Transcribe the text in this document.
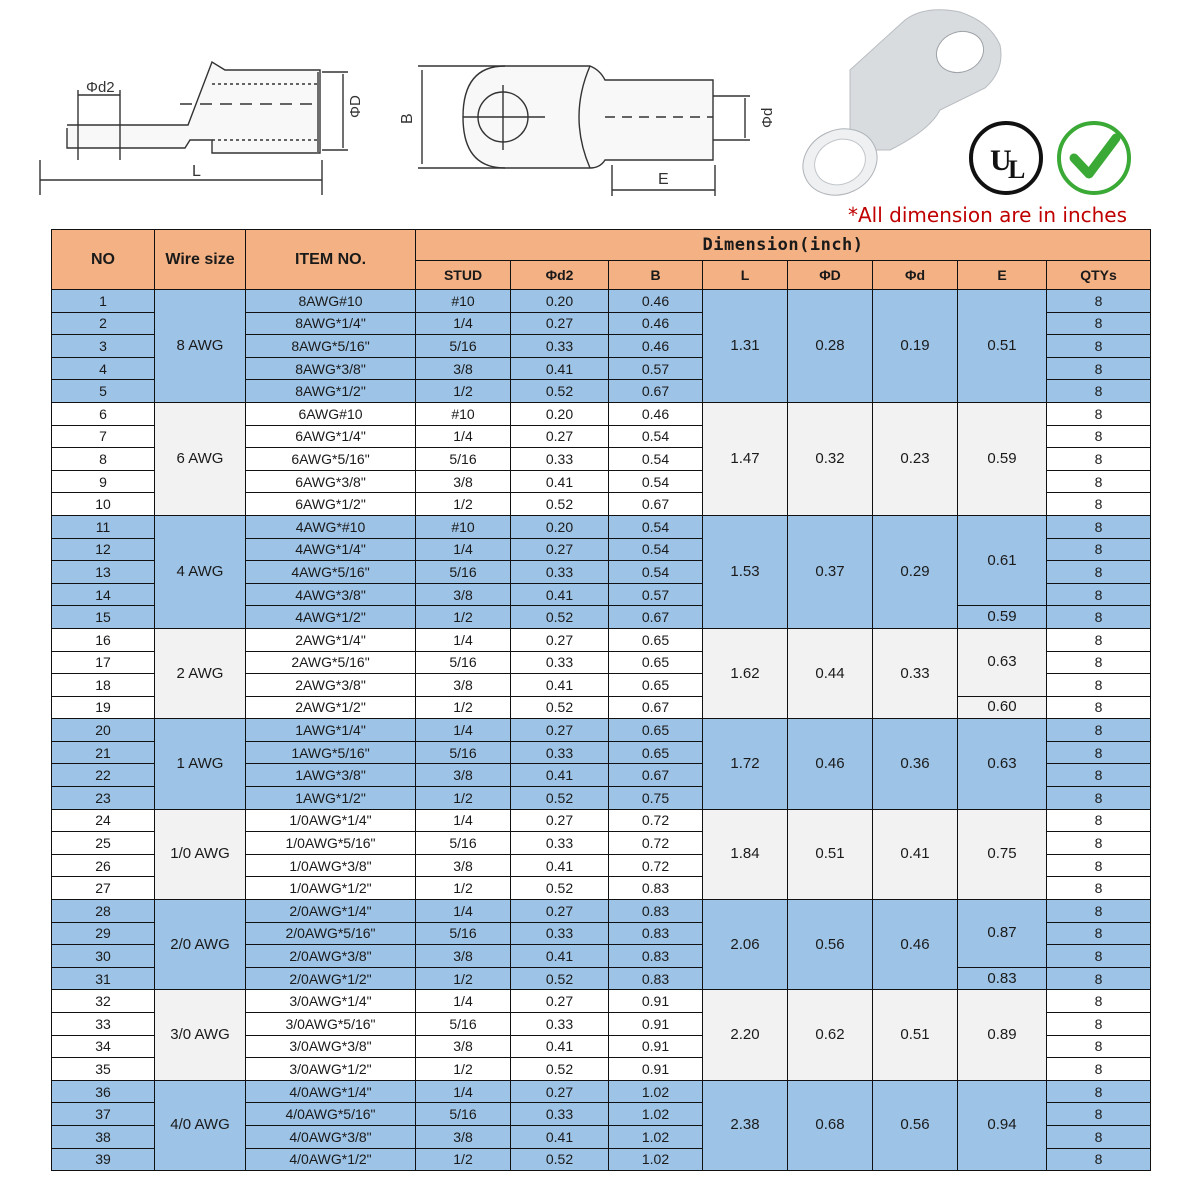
Φd2
L
ΦD
B	Φd
E
U
L
*All dimension are in inches
NO	Wire size	ITEM NO.	Dimension(inch)							
			STUD	Φd2	B	L	ΦD	Φd	E	QTYs
1	8 AWG	8AWG#10	#10	0.20	0.46	1.31	0.28	0.19	0.51	8
2		8AWG*1/4"	1/4	0.27	0.46					8
3		8AWG*5/16"	5/16	0.33	0.46					8
4		8AWG*3/8"	3/8	0.41	0.57					8
5		8AWG*1/2"	1/2	0.52	0.67					8
6	6 AWG	6AWG#10	#10	0.20	0.46	1.47	0.32	0.23	0.59	8
7		6AWG*1/4"	1/4	0.27	0.54					8
8		6AWG*5/16"	5/16	0.33	0.54					8
9		6AWG*3/8"	3/8	0.41	0.54					8
10		6AWG*1/2"	1/2	0.52	0.67					8
11	4 AWG	4AWG*#10	#10	0.20	0.54	1.53	0.37	0.29	0.61	8
12		4AWG*1/4"	1/4	0.27	0.54					8
13		4AWG*5/16"	5/16	0.33	0.54					8
14		4AWG*3/8"	3/8	0.41	0.57					8
15		4AWG*1/2"	1/2	0.52	0.67				0.59	8
16	2 AWG	2AWG*1/4"	1/4	0.27	0.65	1.62	0.44	0.33	0.63	8
17		2AWG*5/16"	5/16	0.33	0.65					8
18		2AWG*3/8"	3/8	0.41	0.65					8
19		2AWG*1/2"	1/2	0.52	0.67				0.60	8
20	1 AWG	1AWG*1/4"	1/4	0.27	0.65	1.72	0.46	0.36	0.63	8
21		1AWG*5/16"	5/16	0.33	0.65					8
22		1AWG*3/8"	3/8	0.41	0.67					8
23		1AWG*1/2"	1/2	0.52	0.75					8
24	1/0 AWG	1/0AWG*1/4"	1/4	0.27	0.72	1.84	0.51	0.41	0.75	8
25		1/0AWG*5/16"	5/16	0.33	0.72					8
26		1/0AWG*3/8"	3/8	0.41	0.72					8
27		1/0AWG*1/2"	1/2	0.52	0.83					8
28	2/0 AWG	2/0AWG*1/4"	1/4	0.27	0.83	2.06	0.56	0.46	0.87	8
29		2/0AWG*5/16"	5/16	0.33	0.83					8
30		2/0AWG*3/8"	3/8	0.41	0.83					8
31		2/0AWG*1/2"	1/2	0.52	0.83				0.83	8
32	3/0 AWG	3/0AWG*1/4"	1/4	0.27	0.91	2.20	0.62	0.51	0.89	8
33		3/0AWG*5/16"	5/16	0.33	0.91					8
34		3/0AWG*3/8"	3/8	0.41	0.91					8
35		3/0AWG*1/2"	1/2	0.52	0.91					8
36	4/0 AWG	4/0AWG*1/4"	1/4	0.27	1.02	2.38	0.68	0.56	0.94	8
37		4/0AWG*5/16"	5/16	0.33	1.02					8
38		4/0AWG*3/8"	3/8	0.41	1.02					8
39		4/0AWG*1/2"	1/2	0.52	1.02					8
